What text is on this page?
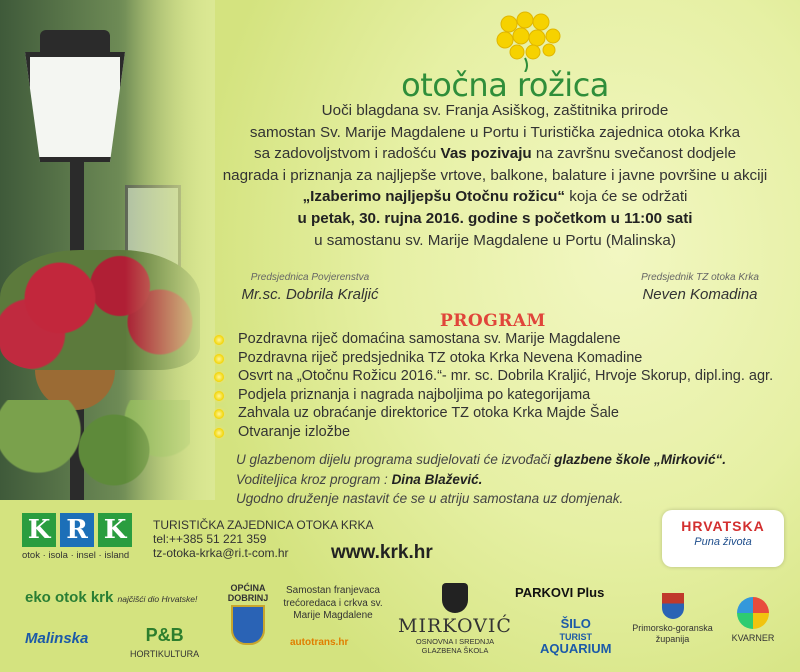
otočna rožica
Uoči blagdana sv. Franja Asiškog, zaštitnika prirode
samostan Sv. Marije Magdalene u Portu i Turistička zajednica otoka Krka
sa zadovoljstvom i radošću Vas pozivaju na završnu svečanost dodjele
nagrada i priznanja za najljepše vrtove, balkone, balature i javne površine u akciji
„Izaberimo najljepšu Otočnu rožicu“ koja će se održati
u petak, 30. rujna 2016. godine s početkom u 11:00 sati
u samostanu sv. Marije Magdalene u Portu (Malinska)
Predsjednica Povjerenstva
Mr.sc. Dobrila Kraljić
Predsjednik TZ otoka Krka
Neven Komadina
PROGRAM
Pozdravna riječ domaćina samostana sv. Marije Magdalene
Pozdravna riječ predsjednika TZ otoka Krka Nevena Komadine
Osvrt na „Otočnu Rožicu 2016.“- mr. sc. Dobrila Kraljić, Hrvoje Skorup, dipl.ing. agr.
Podjela priznanja i nagrada najboljima po kategorijama
Zahvala uz obraćanje direktorice TZ otoka Krka Majde Šale
Otvaranje izložbe
U glazbenom dijelu programa sudjelovati će izvođači glazbene škole „Mirković“.
Voditeljica kroz program : Dina Blažević.
Ugodno druženje nastavit će se u atriju samostana uz domjenak.
K R K
otok · isola · insel · island
TURISTIČKA ZAJEDNICA OTOKA KRKA
tel:++385 51 221 359
tz-otoka-krka@ri.t-com.hr	www.krk.hr
HRVATSKA
Puna života
eko otok krk najčišći dio Hrvatske!
Malinska	P&B
HORTIKULTURA
OPĆINA DOBRINJ
Samostan franjevaca trećoredaca i crkva sv. Marije Magdalene
autotrans.hr
MIRKOVIĆ
OSNOVNA I SREDNJA GLAZBENA ŠKOLA
PARKOVI Plus
ŠILO
TURIST
AQUARIUM
Primorsko-goranska županija	KVARNER
